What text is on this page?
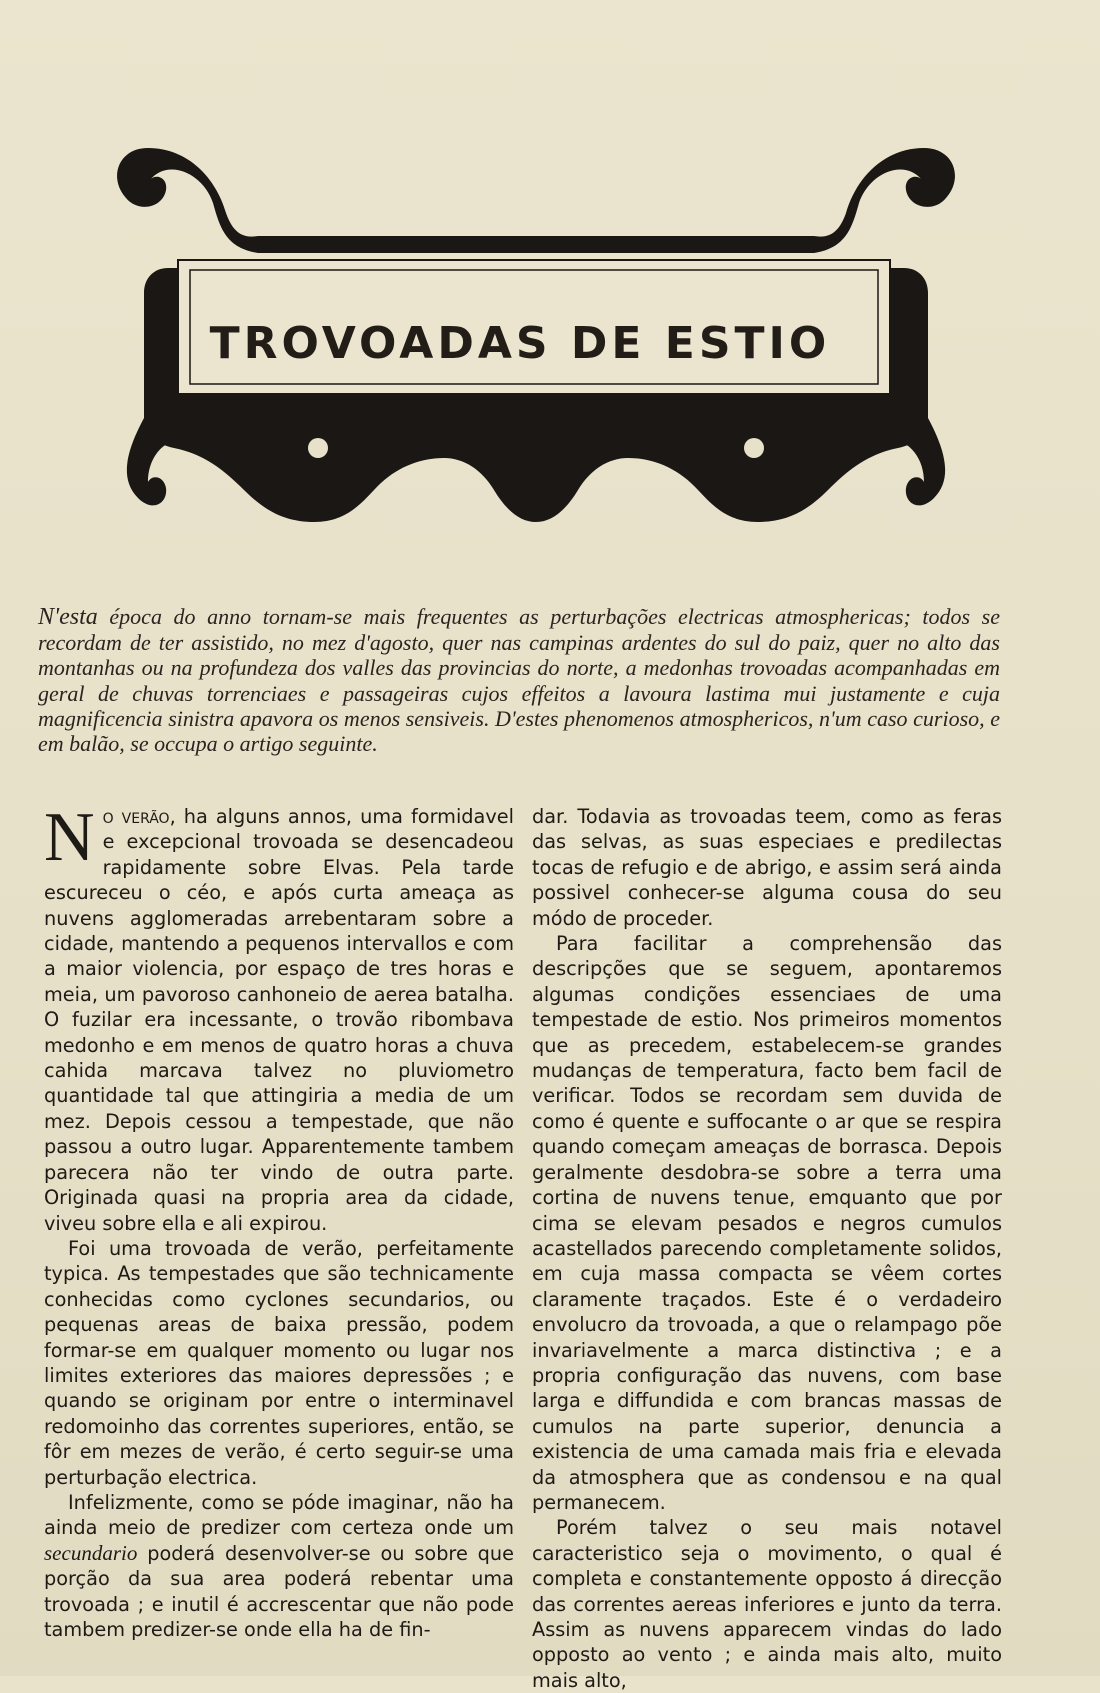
TROVOADAS DE ESTIO
N'esta época do anno tornam-se mais frequentes as perturbações electricas atmosphericas; todos se recordam de ter assistido, no mez d'agosto, quer nas campinas ardentes do sul do paiz, quer no alto das montanhas ou na profundeza dos valles das provincias do norte, a medonhas trovoadas acompanhadas em geral de chuvas torrenciaes e passageiras cujos effeitos a lavoura lastima mui justamente e cuja magnificencia sinistra apavora os menos sensiveis. D'estes phenomenos atmosphericos, n'um caso curioso, e em balão, se occupa o artigo seguinte.

No verão, ha alguns annos, uma formidavel e excepcional trovoada se desencadeou rapidamente sobre Elvas. Pela tarde escureceu o céo, e após curta ameaça as nuvens agglomeradas arrebentaram sobre a cidade, mantendo a pequenos intervallos e com a maior violencia, por espaço de tres horas e meia, um pavoroso canhoneio de aerea batalha. O fuzilar era incessante, o trovão ribombava medonho e em menos de quatro horas a chuva cahida marcava talvez no pluviometro quantidade tal que attingiria a media de um mez. Depois cessou a tempestade, que não passou a outro lugar. Apparentemente tambem parecera não ter vindo de outra parte. Originada quasi na propria area da cidade, viveu sobre ella e ali expirou.

Foi uma trovoada de verão, perfeitamente typica. As tempestades que são technicamente conhecidas como cyclones secundarios, ou pequenas areas de baixa pressão, podem formar-se em qualquer momento ou lugar nos limites exteriores das maiores depressões ; e quando se originam por entre o interminavel redomoinho das correntes superiores, então, se fôr em mezes de verão, é certo seguir-se uma perturbação electrica.

Infelizmente, como se póde imaginar, não ha ainda meio de predizer com certeza onde um secundario poderá desenvolver-se ou sobre que porção da sua area poderá rebentar uma trovoada ; e inutil é accrescentar que não pode tambem predizer-se onde ella ha de fin-

dar. Todavia as trovoadas teem, como as feras das selvas, as suas especiaes e predilectas tocas de refugio e de abrigo, e assim será ainda possivel conhecer-se alguma cousa do seu módo de proceder.

Para facilitar a comprehensão das descripções que se seguem, apontaremos algumas condições essenciaes de uma tempestade de estio. Nos primeiros momentos que as precedem, estabelecem-se grandes mudanças de temperatura, facto bem facil de verificar. Todos se recordam sem duvida de como é quente e suffocante o ar que se respira quando começam ameaças de borrasca. Depois geralmente desdobra-se sobre a terra uma cortina de nuvens tenue, emquanto que por cima se elevam pesados e negros cumulos acastellados parecendo completamente solidos, em cuja massa compacta se vêem cortes claramente traçados. Este é o verdadeiro envolucro da trovoada, a que o relampago põe invariavelmente a marca distinctiva ; e a propria configuração das nuvens, com base larga e diffundida e com brancas massas de cumulos na parte superior, denuncia a existencia de uma camada mais fria e elevada da atmosphera que as condensou e na qual permanecem.

Porém talvez o seu mais notavel caracteristico seja o movimento, o qual é completa e constantemente opposto á direcção das correntes aereas inferiores e junto da terra. Assim as nuvens apparecem vindas do lado opposto ao vento ; e ainda mais alto, muito mais alto,
